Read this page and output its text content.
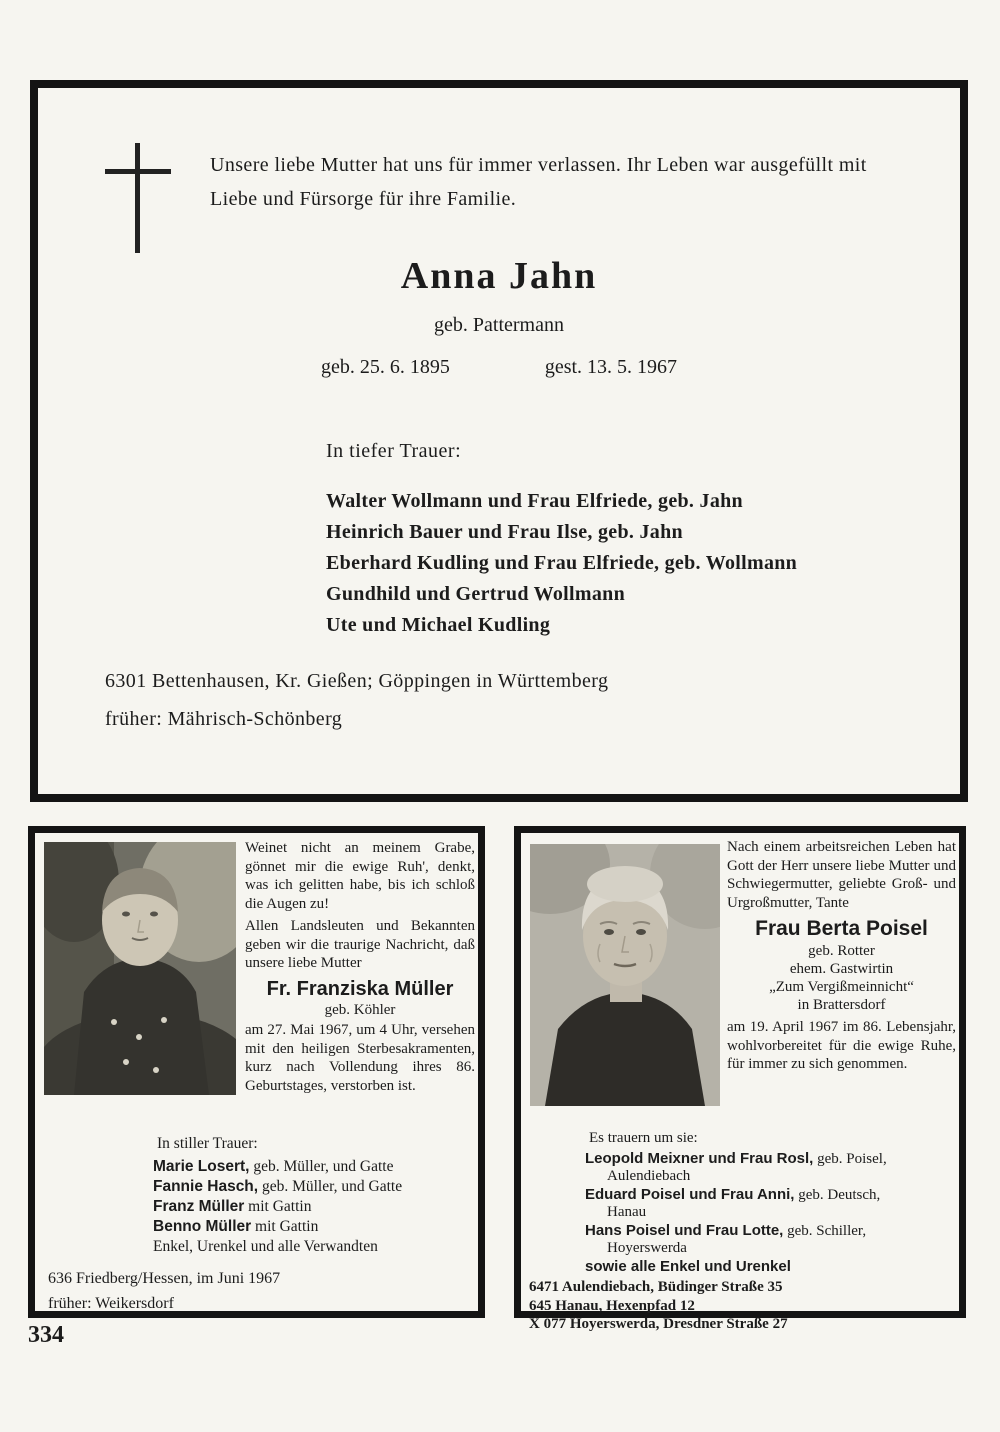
Unsere liebe Mutter hat uns für immer verlassen. Ihr Leben war ausgefüllt mit Liebe und Fürsorge für ihre Familie.
Anna Jahn
geb. Pattermann
geb. 25. 6. 1895	gest. 13. 5. 1967
In tiefer Trauer:
Walter Wollmann und Frau Elfriede, geb. Jahn
Heinrich Bauer und Frau Ilse, geb. Jahn
Eberhard Kudling und Frau Elfriede, geb. Wollmann
Gundhild und Gertrud Wollmann
Ute und Michael Kudling
6301 Bettenhausen, Kr. Gießen; Göppingen in Württemberg
früher: Mährisch-Schönberg

Weinet nicht an meinem Grabe, gönnet mir die ewige Ruh', denkt, was ich gelitten habe, bis ich schloß die Augen zu!

Allen Landsleuten und Bekannten geben wir die traurige Nachricht, daß unsere liebe Mutter

Fr. Franziska Müller

geb. Köhler

am 27. Mai 1967, um 4 Uhr, versehen mit den heiligen Sterbesakramenten, kurz nach Vollendung ihres 86. Geburtstages, verstorben ist.

In stiller Trauer:
Marie Losert, geb. Müller, und Gatte
Fannie Hasch, geb. Müller, und Gatte
Franz Müller mit Gattin
Benno Müller mit Gattin
Enkel, Urenkel und alle Verwandten
636 Friedberg/Hessen, im Juni 1967
früher: Weikersdorf

Nach einem arbeitsreichen Leben hat Gott der Herr unsere liebe Mutter und Schwiegermutter, geliebte Groß- und Urgroßmutter, Tante

Frau Berta Poisel

geb. Rotter

ehem. Gastwirtin

„Zum Vergißmeinnicht“

in Brattersdorf

am 19. April 1967 im 86. Lebensjahr, wohlvorbereitet für die ewige Ruhe, für immer zu sich genommen.

Es trauern um sie:
Leopold Meixner und Frau Rosl, geb. Poisel,
Aulendiebach
Eduard Poisel und Frau Anni, geb. Deutsch,
Hanau
Hans Poisel und Frau Lotte, geb. Schiller,
Hoyerswerda
sowie alle Enkel und Urenkel
6471 Aulendiebach, Büdinger Straße 35
645 Hanau, Hexenpfad 12
X 077 Hoyerswerda, Dresdner Straße 27
334
